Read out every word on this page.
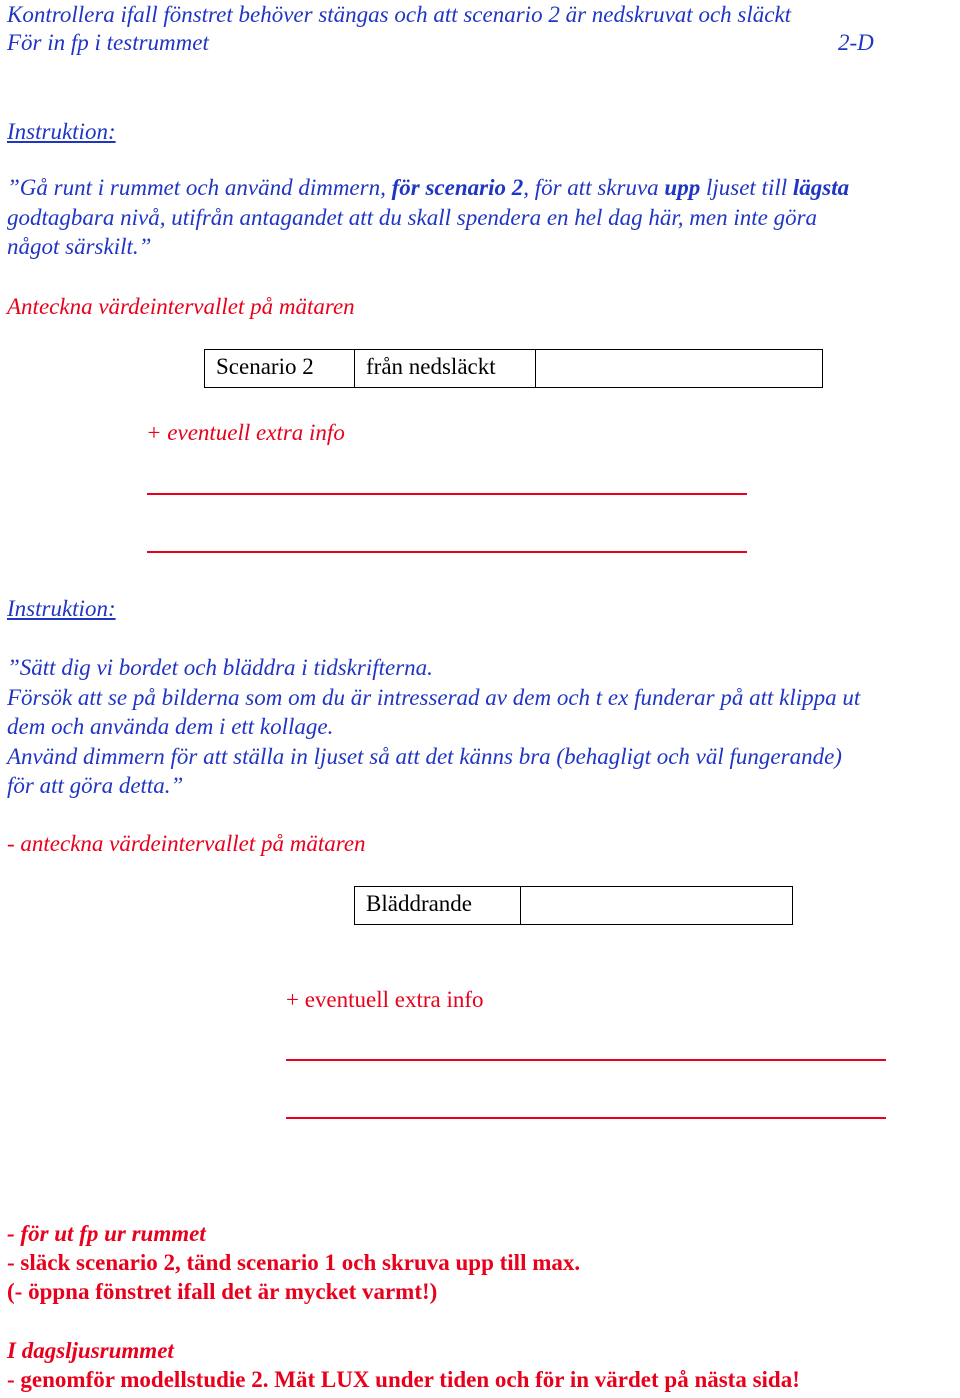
Kontrollera ifall fönstret behöver stängas och att scenario 2 är nedskruvat och släckt
För in fp i testrummet	2-D
Instruktion:
”Gå runt i rummet och använd dimmern, för scenario 2, för att skruva upp ljuset till lägsta
godtagbara nivå, utifrån antagandet att du skall spendera en hel dag här, men inte göra
något särskilt.”
Anteckna värdeintervallet på mätaren
Scenario 2	från nedsläckt
+ eventuell extra info
Instruktion:
”Sätt dig vi bordet och bläddra i tidskrifterna.
Försök att se på bilderna som om du är intresserad av dem och t ex funderar på att klippa ut
dem och använda dem i ett kollage.
Använd dimmern för att ställa in ljuset så att det känns bra (behagligt och väl fungerande)
för att göra detta.”
- anteckna värdeintervallet på mätaren
Bläddrande
+ eventuell extra info
- för ut fp ur rummet
- släck scenario 2, tänd scenario 1 och skruva upp till max.
(- öppna fönstret ifall det är mycket varmt!)
I dagsljusrummet
- genomför modellstudie 2. Mät LUX under tiden och för in värdet på nästa sida!
